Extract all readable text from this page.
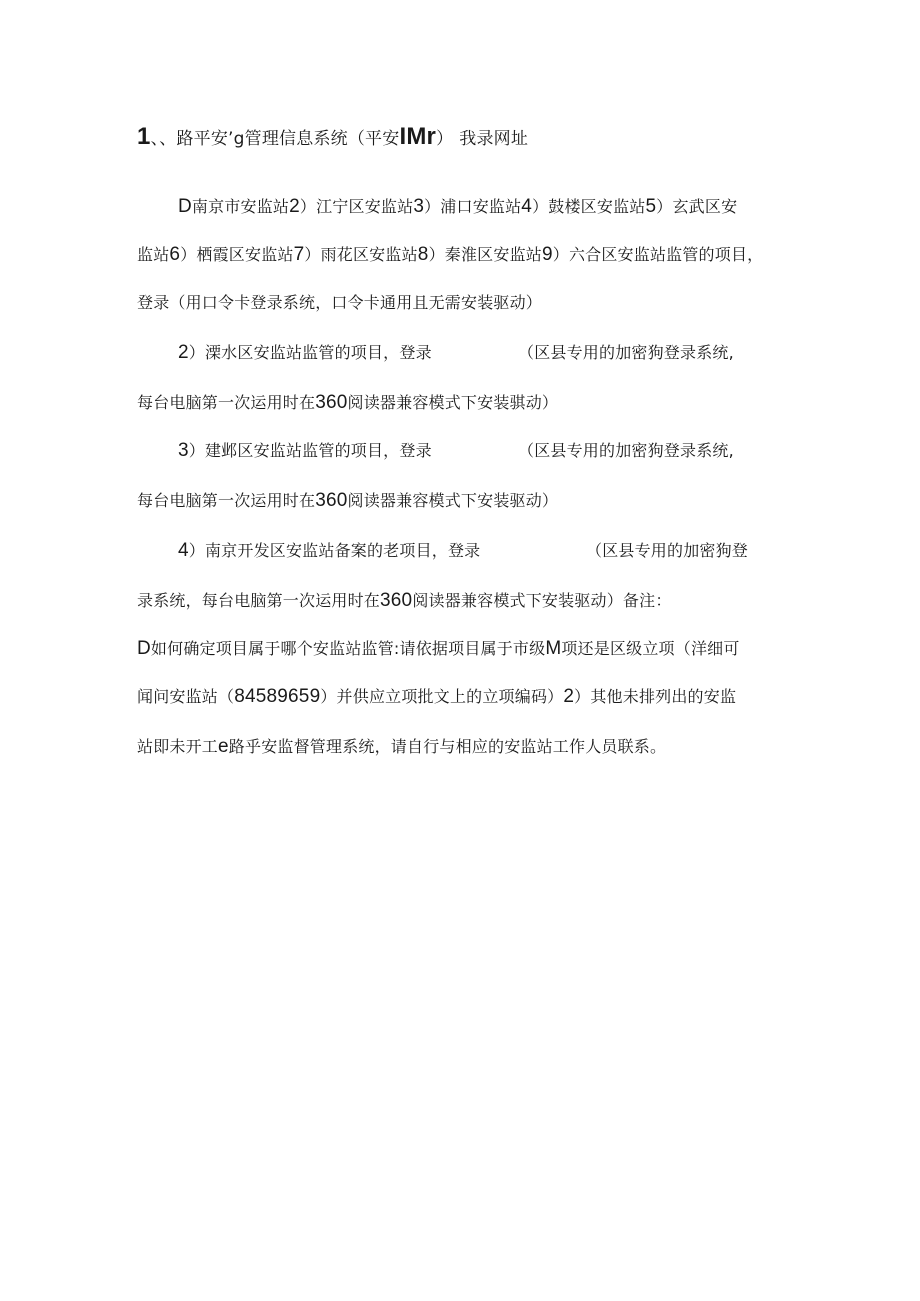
1、、路平安’g管理信息系统（平安IMr） 我录网址
D南京市安监站2）江宁区安监站3）浦口安监站4）鼓楼区安监站5）玄武区安
监站6）栖霞区安监站7）雨花区安监站8）秦淮区安监站9）六合区安监站监管的项目，
登录（用口令卡登录系统，口令卡通用且无需安装驱动）
2）溧水区安监站监管的项目，登录	（区县专用的加密狗登录系统,
每台电脑第一次运用时在360阅读器兼容模式下安装骐动）
3）建邺区安监站监管的项目，登录	（区县专用的加密狗登录系统,
每台电脑第一次运用时在360阅读器兼容模式下安装驱动）
4）南京开发区安监站备案的老项目，登录	（区县专用的加密狗登
录系统，每台电脑第一次运用时在360阅读器兼容模式下安装驱动）备注：
D如何确定项目属于哪个安监站监管:请依据项目属于市级M项还是区级立项（洋细可
闻问安监站（84589659）并供应立项批文上的立项编码）2）其他未排列出的安监
站即未开工e路乎安监督管理系统，请自行与相应的安监站工作人员联系。
